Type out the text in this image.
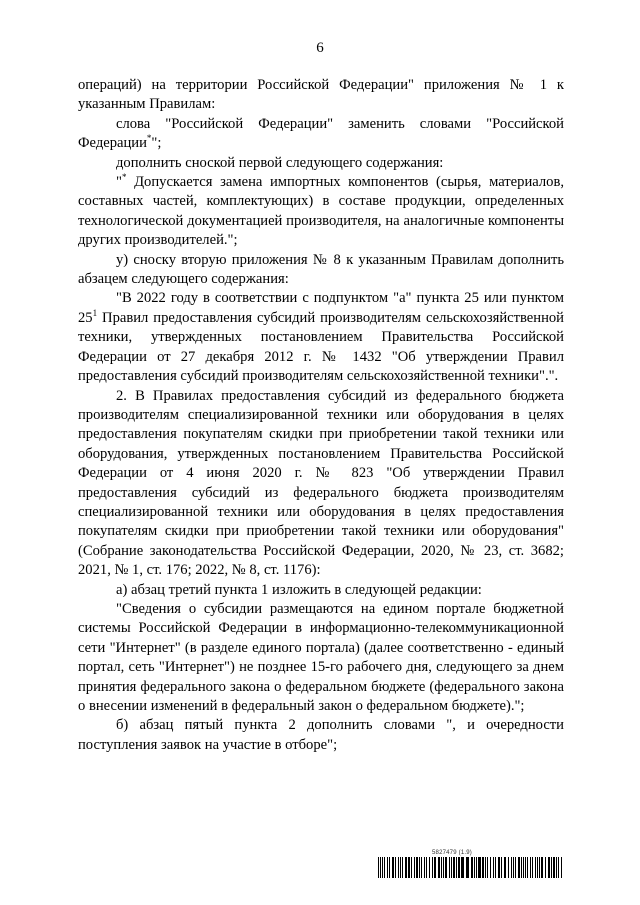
6

операций) на территории Российской Федерации" приложения № 1 к указанным Правилам:

слова "Российской Федерации" заменить словами "Российской Федерации*";

дополнить сноской первой следующего содержания:

"* Допускается замена импортных компонентов (сырья, материалов, составных частей, комплектующих) в составе продукции, определенных технологической документацией производителя, на аналогичные компоненты других производителей.";

у) сноску вторую приложения № 8 к указанным Правилам дополнить абзацем следующего содержания:

"В 2022 году в соответствии с подпунктом "а" пункта 25 или пунктом $25^1$ Правил предоставления субсидий производителям сельскохозяйственной техники, утвержденных постановлением Правительства Российской Федерации от 27 декабря 2012 г. № 1432 "Об утверждении Правил предоставления субсидий производителям сельскохозяйственной техники".".

2. В Правилах предоставления субсидий из федерального бюджета производителям специализированной техники или оборудования в целях предоставления покупателям скидки при приобретении такой техники или оборудования, утвержденных постановлением Правительства Российской Федерации от 4 июня 2020 г. № 823 "Об утверждении Правил предоставления субсидий из федерального бюджета производителям специализированной техники или оборудования в целях предоставления покупателям скидки при приобретении такой техники или оборудования" (Собрание законодательства Российской Федерации, 2020, № 23, ст. 3682; 2021, № 1, ст. 176; 2022, № 8, ст. 1176):

а) абзац третий пункта 1 изложить в следующей редакции:

"Сведения о субсидии размещаются на едином портале бюджетной системы Российской Федерации в информационно-телекоммуникационной сети "Интернет" (в разделе единого портала) (далее соответственно - единый портал, сеть "Интернет") не позднее 15-го рабочего дня, следующего за днем принятия федерального закона о федеральном бюджете (федерального закона о внесении изменений в федеральный закон о федеральном бюджете).";

б) абзац пятый пункта 2 дополнить словами ", и очередности поступления заявок на участие в отборе";

5827479 (1.9)
